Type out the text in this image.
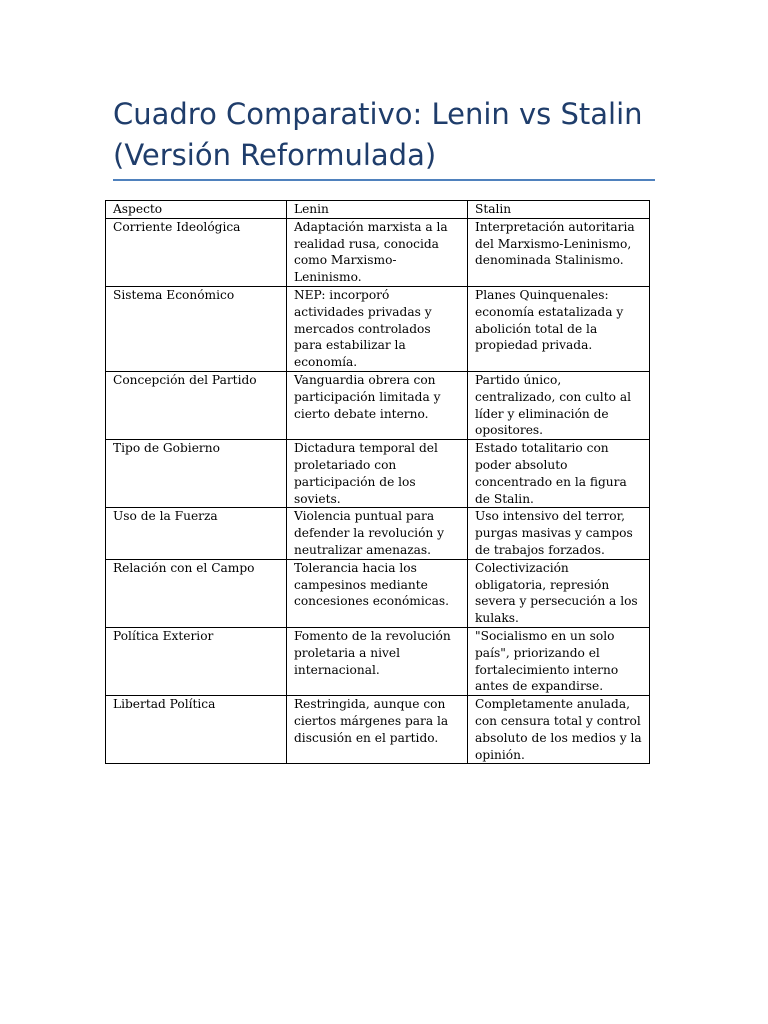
Cuadro Comparativo: Lenin vs Stalin
(Versión Reformulada)
Aspecto	Lenin	Stalin
Corriente Ideológica	Adaptación marxista a la realidad rusa, conocida como Marxismo-Leninismo.	Interpretación autoritaria del Marxismo-Leninismo, denominada Stalinismo.
Sistema Económico	NEP: incorporó actividades privadas y mercados controlados para estabilizar la economía.	Planes Quinquenales: economía estatalizada y abolición total de la propiedad privada.
Concepción del Partido	Vanguardia obrera con participación limitada y cierto debate interno.	Partido único, centralizado, con culto al líder y eliminación de opositores.
Tipo de Gobierno	Dictadura temporal del proletariado con participación de los soviets.	Estado totalitario con poder absoluto concentrado en la figura de Stalin.
Uso de la Fuerza	Violencia puntual para defender la revolución y neutralizar amenazas.	Uso intensivo del terror, purgas masivas y campos de trabajos forzados.
Relación con el Campo	Tolerancia hacia los campesinos mediante concesiones económicas.	Colectivización obligatoria, represión severa y persecución a los kulaks.
Política Exterior	Fomento de la revolución proletaria a nivel internacional.	"Socialismo en un solo país", priorizando el fortalecimiento interno antes de expandirse.
Libertad Política	Restringida, aunque con ciertos márgenes para la discusión en el partido.	Completamente anulada, con censura total y control absoluto de los medios y la opinión.
